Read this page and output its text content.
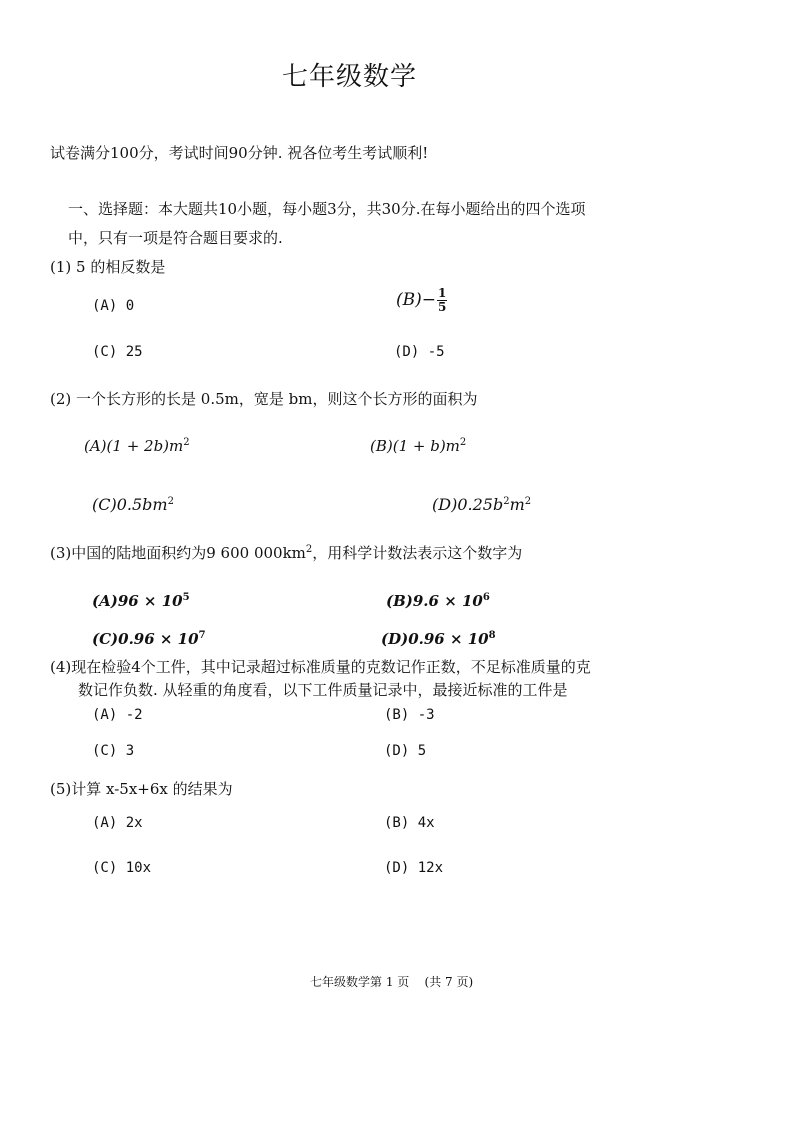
七年级数学
试卷满分100分，考试时间90分钟. 祝各位考生考试顺利!
一、选择题：本大题共10小题，每小题3分，共30分.在每小题给出的四个选项
中，只有一项是符合题目要求的.
(1) 5 的相反数是
(A) 0	$(B)- \frac{1}{5}$
(C) 25	(D) -5
(2) 一个长方形的长是 0.5m，宽是 bm，则这个长方形的面积为
$(A)(1 + 2b)m^2$	$(B)(1 + b)m^2$
$(C)0.5bm^2$	$(D)0.25b^2m^2$
(3)中国的陆地面积约为9 600 $000km^2$，用科学计数法表示这个数字为
$(A)96 \times 10^5$	$(B)9.6 \times 10^6$
$(C)0.96 \times 10^7$	$(D)0.96 \times 10^8$
(4)现在检验4个工件，其中记录超过标准质量的克数记作正数，不足标准质量的克
数记作负数. 从轻重的角度看，以下工件质量记录中，最接近标准的工件是
(A) -2	(B) -3
(C) 3	(D) 5
(5)计算 x-5x+6x 的结果为
(A) 2x	(B) 4x
(C) 10x	(D) 12x
七年级数学第 1 页    (共 7 页)
